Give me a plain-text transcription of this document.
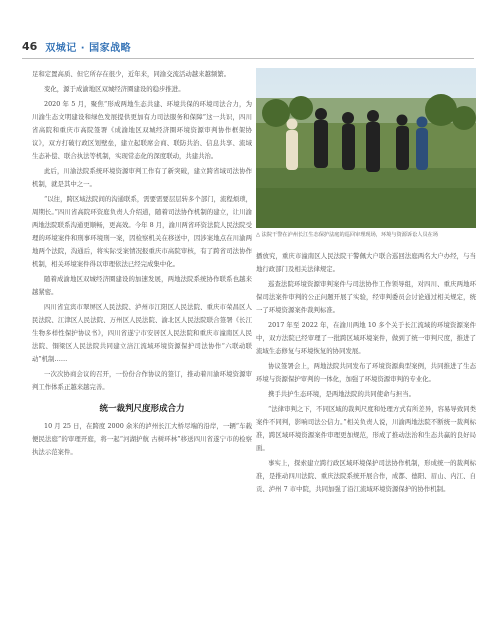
46 双城记 · 国家战略

足和定置高质、但它所存在很少，近年来，同渝交流活动越来越频繁。

变化，源于成渝地区双城经济圈建设的稳步推进。

2020 年 5 月，聚焦“形成两地生态共建、环境共保的环境司法合力，为川渝生态文明建设和绿色发展提供更加有力司法服务和保障”这一共识，四川省高院和重庆市高院签署《成渝地区双城经济圈环境资源审判协作框架协议》，双方打破行政区划壁垒，建立起联席会商、联防共治、信息共享、流域生态补偿、联合执法等机制，实现常态化的深度联动，共建共治。

此后，川渝法院系统环境资源审判工作有了新突破，建立跨省域司法协作机制，就是其中之一。

“以往，跨区域法院间的沟通联系，需要需要层层转多个部门，流程烦琐，周期长。”四川省高院环资庭负责人介绍道，随着司法协作机制的建立，让川渝两地法院联系沟通更顺畅，更高效。今年 8 月，渝川两省环资法院人民法院受理的环境案件和刑事环境刑一案，因检察机关在移送中，因涉案地点在川渝两地两个法院，沟通后，将实际受案情况报重庆市高院审核，有了跨省司法协作机制，相关环境案件得以审理依法已经完成集中化。

随着成渝地区双城经济圈建设的加速发展，两地法院系统协作联系也越来越紧密。

四川省宜宾市翠屏区人民法院、泸州市江阳区人民法院、重庆市荣昌区人民法院、江津区人民法院、万州区人民法院、渝北区人民法院联合签署《长江生物多样性保护协议书》，四川省遂宁市安居区人民法院和重庆市潼南区人民法院、铜梁区人民法院共同建立涪江流域环境资源保护司法协作“六联动联动”机制……

一次次协商会议的召开，一份份合作协议的签订，推动着川渝环境资源审判工作体系正越来越完善。

统一裁判尺度形成合力

10 月 25 日，在跨度 2000 余米的泸州长江大桥尽端的沿岸，一辆“车载便民法庭”的审理开庭，将一起“河湖护航 古树环林”移送四川省遂宁市的检察执法示范案件。

△ 法院干警在泸州长江生态保护法庭的巡回审理现场，环境与资源诉讼人员在场

播放究，重庆市潼南区人民法院干警佩大户联合巡回法庭两名大户办经，与当地行政部门及相关法律规定。

巡查法院环境资源审判案件与司法协作工作领导组，对四川、重庆两地环保司法案件审判的公正问题开展了实验，经审判委员会讨论通过相关规定，统一了环境资源案件裁判标准。

2017 年至 2022 年，在渝川两地 10 多个关于长江流域的环境资源案件中，双方法院已经审理了一批跨区域环境案件，做到了统一审判尺度，推进了流域生态修复与环境恢复的协同发展。

协议签署会上，两地法院共同发布了环境资源典型案例，共同推进了生态环境与资源保护审判的一体化，加强了环境资源审判的专业化。

携手共护生态环境，是两地法院的共同使命与担当。

“法律审判之下，不同区域的裁判尺度和处理方式有所差异，容易导致同类案件不同判，影响司法公信力。”相关负责人说，川渝两地法院不断统一裁判标准，跨区域环境资源案件审理更加规范，形成了推动法治和生态共赢的良好局面。

事实上，探索建立跨行政区域环境保护司法协作机制，形成统一的裁判标准，是推动四川法院、重庆法院系统开展合作，成都、德阳、眉山、内江、自贡、泸州 7 市中院，共同加强了沿江流域环境资源保护的协作机制。
